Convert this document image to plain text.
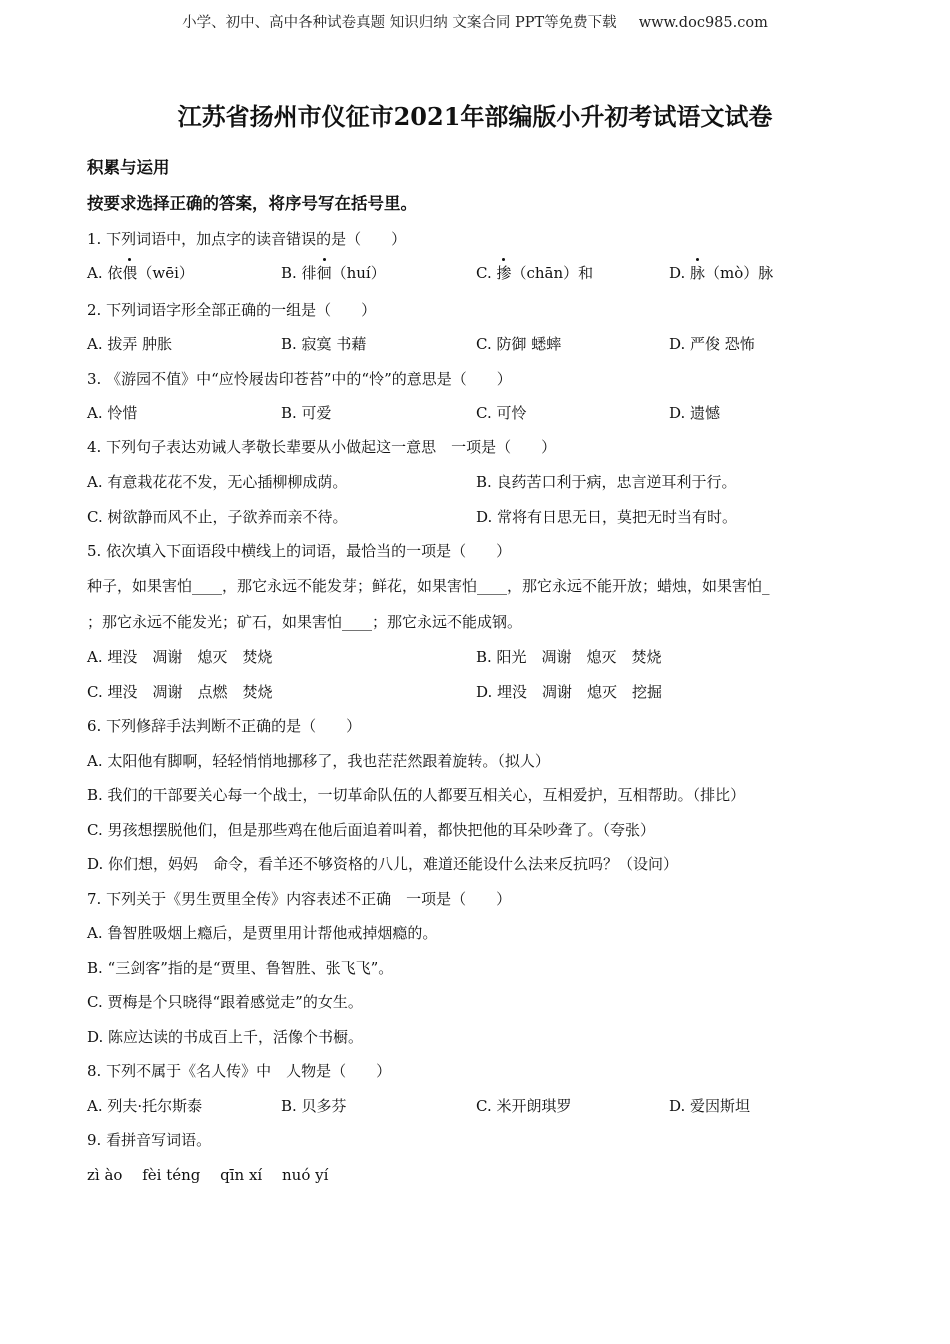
小学、初中、高中各种试卷真题 知识归纳 文案合同 PPT等免费下载 www.doc985.com
江苏省扬州市仪征市2021年部编版小升初考试语文试卷
积累与运用
按要求选择正确的答案，将序号写在括号里。
1. 下列词语中，加点字的读音错误的是（　　）
A. 依偎（wēi）	B. 徘徊（huí）	C. 掺（chān）和	D. 脉（mò）脉
2. 下列词语字形全部正确的一组是（　　）
A. 拔弄 肿胀	B. 寂寞 书藉	C. 防御 蟋蟀	D. 严俊 恐怖
3. 《游园不值》中“应怜屐齿印苍苔”中的“怜”的意思是（　　）
A. 怜惜	B. 可爱	C. 可怜	D. 遗憾
4. 下列句子表达劝诫人孝敬长辈要从小做起这一意思　一项是（　　）
A. 有意栽花花不发，无心插柳柳成荫。	B. 良药苦口利于病，忠言逆耳利于行。
C. 树欲静而风不止，子欲养而亲不待。	D. 常将有日思无日，莫把无时当有时。
5. 依次填入下面语段中横线上的词语，最恰当的一项是（　　）
种子，如果害怕____，那它永远不能发芽；鲜花，如果害怕____，那它永远不能开放；蜡烛，如果害怕_
；那它永远不能发光；矿石，如果害怕____；那它永远不能成钢。
A. 埋没　凋谢　熄灭　焚烧	B. 阳光　凋谢　熄灭　焚烧
C. 埋没　凋谢　点燃　焚烧	D. 埋没　凋谢　熄灭　挖掘
6. 下列修辞手法判断不正确的是（　　）
A. 太阳他有脚啊，轻轻悄悄地挪移了，我也茫茫然跟着旋转。（拟人）
B. 我们的干部要关心每一个战士，一切革命队伍的人都要互相关心，互相爱护，互相帮助。（排比）
C. 男孩想摆脱他们，但是那些鸡在他后面追着叫着，都快把他的耳朵吵聋了。（夸张）
D. 你们想，妈妈　命令，看羊还不够资格的八儿，难道还能设什么法来反抗吗？（设问）
7. 下列关于《男生贾里全传》内容表述不正确　一项是（　　）
A. 鲁智胜吸烟上瘾后，是贾里用计帮他戒掉烟瘾的。
B. “三剑客”指的是“贾里、鲁智胜、张飞飞”。
C. 贾梅是个只晓得“跟着感觉走”的女生。
D. 陈应达读的书成百上千，活像个书橱。
8. 下列不属于《名人传》中　人物是（　　）
A. 列夫·托尔斯泰	B. 贝多芬	C. 米开朗琪罗	D. 爱因斯坦
9. 看拼音写词语。
zì ào　 fèi téng　 qīn xí　 nuó yí
